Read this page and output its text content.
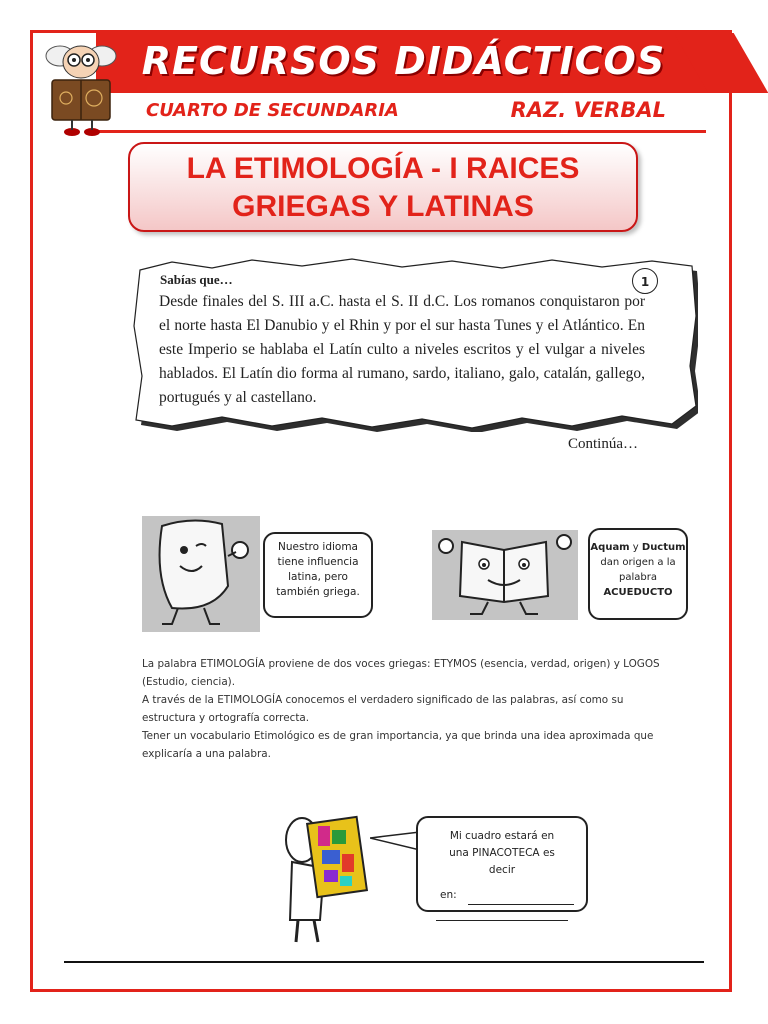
RECURSOS DIDÁCTICOS
CUARTO DE SECUNDARIA	RAZ. VERBAL
LA ETIMOLOGÍA - I RAICES
GRIEGAS Y LATINAS
Sabías que…	1
Desde finales del S. III a.C. hasta el S. II d.C. Los romanos conquistaron por el norte hasta El Danubio y el Rhin y por el sur hasta Tunes y el Atlántico. En este Imperio se hablaba el Latín culto a niveles escritos y el vulgar a niveles hablados. El Latín dio forma al rumano, sardo, italiano, galo, catalán, gallego, portugués y al castellano.
Continúa…
Nuestro idioma tiene influencia latina, pero también griega.
Aquam y Ductum
dan origen a la palabra
ACUEDUCTO
La palabra ETIMOLOGÍA proviene de dos voces griegas: ETYMOS (esencia, verdad, origen) y LOGOS (Estudio, ciencia).
A través de la ETIMOLOGÍA conocemos el verdadero significado de las palabras, así como su estructura y ortografía correcta.
Tener un vocabulario Etimológico es de gran importancia, ya que brinda una idea aproximada que explicaría a una palabra.
Mi cuadro estará en una PINACOTECA es decir
en:
